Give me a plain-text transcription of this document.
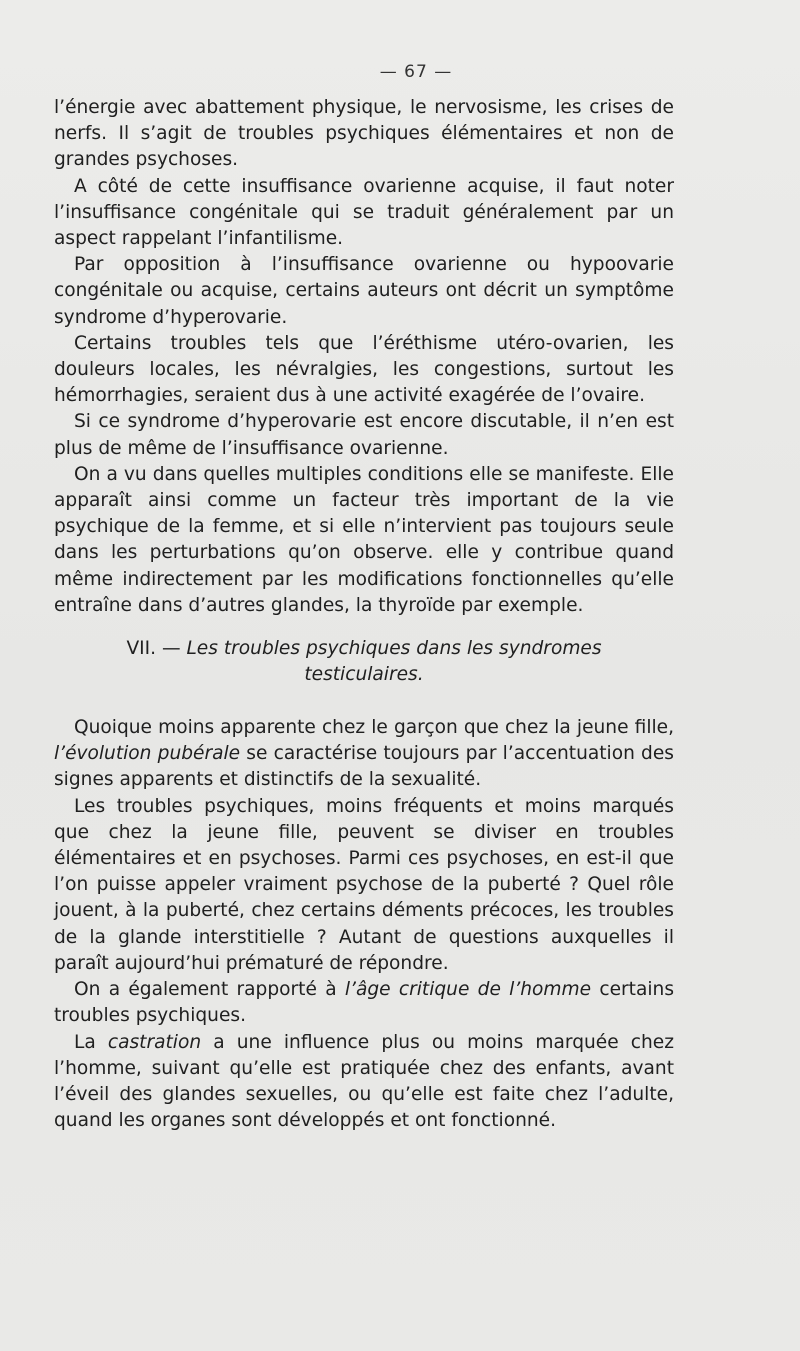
— 67 —

l’énergie avec abattement physique, le nervosisme, les crises de nerfs. Il s’agit de troubles psychiques élémentaires et non de grandes psychoses.

A côté de cette insuffisance ovarienne acquise, il faut noter l’insuffisance congénitale qui se traduit généralement par un aspect rappelant l’infantilisme.

Par opposition à l’insuffisance ovarienne ou hypoovarie congénitale ou acquise, certains auteurs ont décrit un symptôme syndrome d’hyperovarie.

Certains troubles tels que l’éréthisme utéro-ovarien, les douleurs locales, les névralgies, les congestions, surtout les hémorrhagies, seraient dus à une activité exagérée de l’ovaire.

Si ce syndrome d’hyperovarie est encore discutable, il n’en est plus de même de l’insuffisance ovarienne.

On a vu dans quelles multiples conditions elle se manifeste. Elle apparaît ainsi comme un facteur très important de la vie psychique de la femme, et si elle n’intervient pas toujours seule dans les perturbations qu’on observe. elle y contribue quand même indirectement par les modifications fonctionnelles qu’elle entraîne dans d’autres glandes, la thyroïde par exemple.

VII. — Les troubles psychiques dans les syndromes
testiculaires.

Quoique moins apparente chez le garçon que chez la jeune fille, l’évolution pubérale se caractérise toujours par l’accentuation des signes apparents et distinctifs de la sexualité.

Les troubles psychiques, moins fréquents et moins marqués que chez la jeune fille, peuvent se diviser en troubles élémentaires et en psychoses. Parmi ces psychoses, en est-il que l’on puisse appeler vraiment psychose de la puberté ? Quel rôle jouent, à la puberté, chez certains déments précoces, les troubles de la glande interstitielle ? Autant de questions auxquelles il paraît aujourd’hui prématuré de répondre.

On a également rapporté à l’âge critique de l’homme certains troubles psychiques.

La castration a une influence plus ou moins marquée chez l’homme, suivant qu’elle est pratiquée chez des enfants, avant l’éveil des glandes sexuelles, ou qu’elle est faite chez l’adulte, quand les organes sont développés et ont fonctionné.
